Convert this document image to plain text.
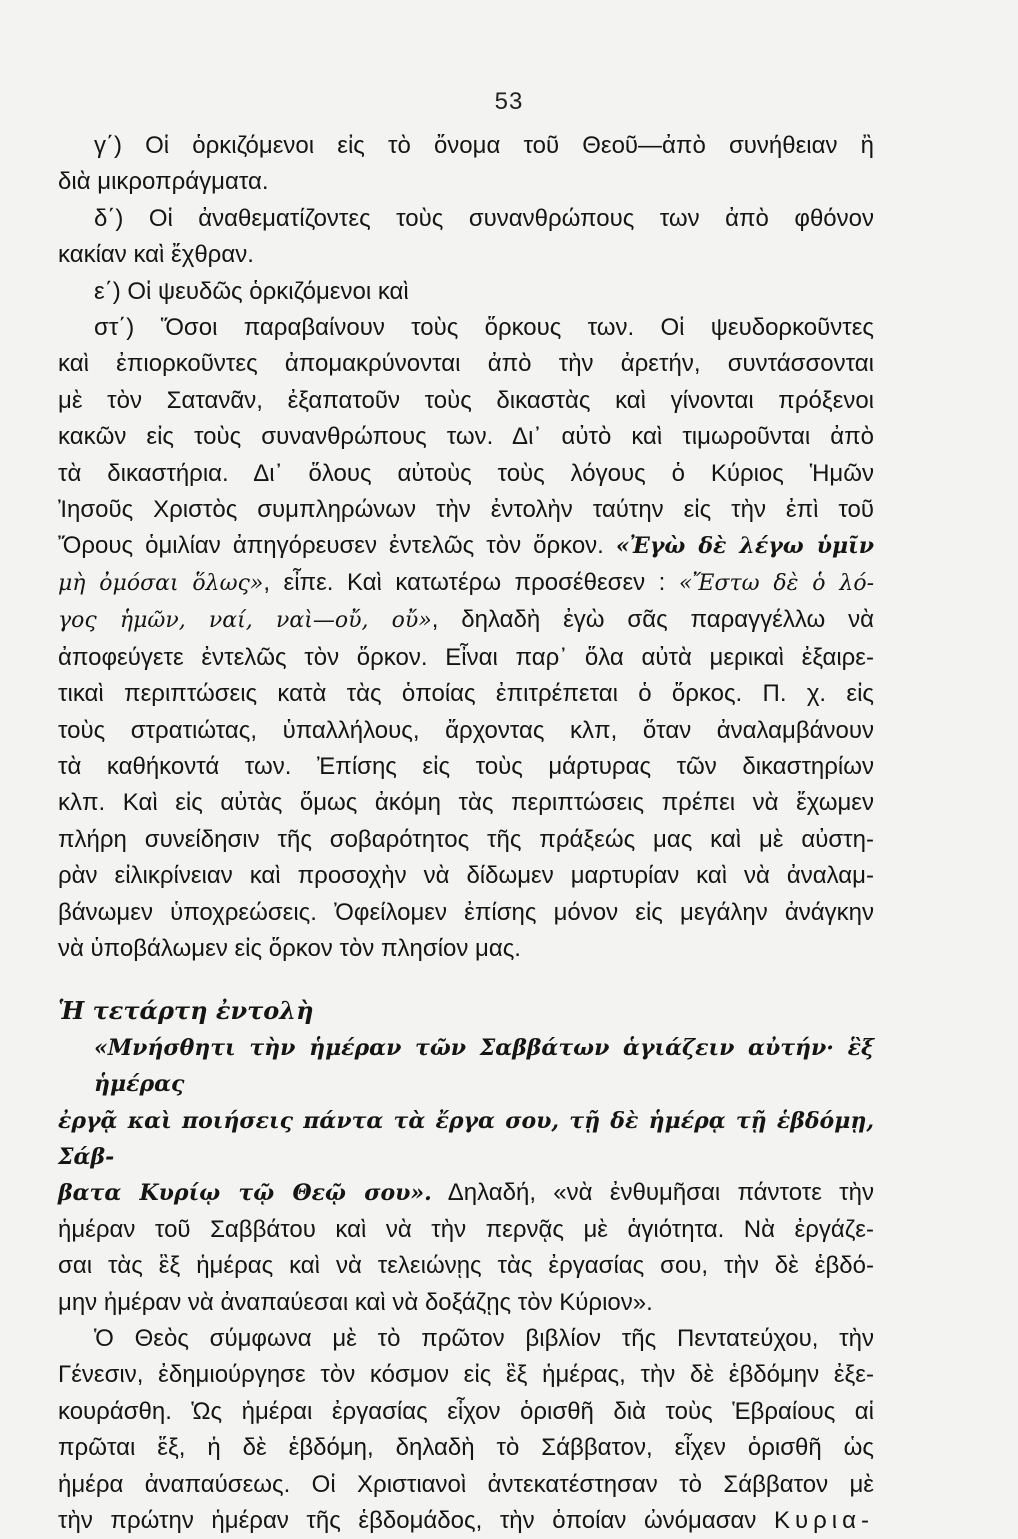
53
γ΄) Οἱ ὁρκιζόμενοι εἰς τὸ ὄνομα τοῦ Θεοῦ—ἀπὸ συνήθειαν ἢ
διὰ μικροπράγματα.
δ΄) Οἱ ἀναθεματίζοντες τοὺς συνανθρώπους των ἀπὸ φθόνον
κακίαν καὶ ἔχθραν.
ε΄) Οἱ ψευδῶς ὁρκιζόμενοι καὶ
στ΄) Ὅσοι παραβαίνουν τοὺς ὅρκους των. Οἱ ψευδορκοῦντες
καὶ ἐπιορκοῦντες ἀπομακρύνονται ἀπὸ τὴν ἀρετήν, συντάσσονται
μὲ τὸν Σατανᾶν, ἐξαπατοῦν τοὺς δικαστὰς καὶ γίνονται πρόξενοι
κακῶν εἰς τοὺς συνανθρώπους των. Δι᾽ αὐτὸ καὶ τιμωροῦνται ἀπὸ
τὰ δικαστήρια. Δι᾽ ὅλους αὐτοὺς τοὺς λόγους ὁ Κύριος Ἡμῶν
Ἰησοῦς Χριστὸς συμπληρώνων τὴν ἐντολὴν ταύτην εἰς τὴν ἐπὶ τοῦ
Ὄρους ὁμιλίαν ἀπηγόρευσεν ἐντελῶς τὸν ὅρκον. «Ἐγὼ δὲ λέγω ὑμῖν
μὴ ὀμόσαι ὅλως», εἶπε. Καὶ κατωτέρω προσέθεσεν : «Ἔστω δὲ ὁ λό-
γος ἡμῶν, ναί, ναὶ—οὔ, οὔ», δηλαδὴ ἐγὼ σᾶς παραγγέλλω νὰ
ἀποφεύγετε ἐντελῶς τὸν ὅρκον. Εἶναι παρ᾽ ὅλα αὐτὰ μερικαὶ ἐξαιρε-
τικαὶ περιπτώσεις κατὰ τὰς ὁποίας ἐπιτρέπεται ὁ ὅρκος. Π. χ. εἰς
τοὺς στρατιώτας, ὑπαλλήλους, ἄρχοντας κλπ, ὅταν ἀναλαμβάνουν
τὰ καθήκοντά των. Ἐπίσης εἰς τοὺς μάρτυρας τῶν δικαστηρίων
κλπ. Καὶ εἰς αὐτὰς ὅμως ἀκόμη τὰς περιπτώσεις πρέπει νὰ ἔχωμεν
πλήρη συνείδησιν τῆς σοβαρότητος τῆς πράξεώς μας καὶ μὲ αὐστη-
ρὰν εἰλικρίνειαν καὶ προσοχὴν νὰ δίδωμεν μαρτυρίαν καὶ νὰ ἀναλαμ-
βάνωμεν ὑποχρεώσεις. Ὀφείλομεν ἐπίσης μόνον εἰς μεγάλην ἀνάγκην
νὰ ὑποβάλωμεν εἰς ὅρκον τὸν πλησίον μας.
Ἡ τετάρτη ἐντολὴ
«Μνήσθητι τὴν ἡμέραν τῶν Σαββάτων ἁγιάζειν αὐτήν· ἓξ ἡμέρας
ἐργᾷ καὶ ποιήσεις πάντα τὰ ἔργα σου, τῇ δὲ ἡμέρᾳ τῇ ἑβδόμῃ, Σάβ-
βατα Κυρίῳ τῷ Θεῷ σου». Δηλαδή, «νὰ ἐνθυμῆσαι πάντοτε τὴν
ἡμέραν τοῦ Σαββάτου καὶ νὰ τὴν περνᾷς μὲ ἁγιότητα. Νὰ ἐργάζε-
σαι τὰς ἓξ ἡμέρας καὶ νὰ τελειώνῃς τὰς ἐργασίας σου, τὴν δὲ ἑβδό-
μην ἡμέραν νὰ ἀναπαύεσαι καὶ νὰ δοξάζῃς τὸν Κύριον».
Ὁ Θεὸς σύμφωνα μὲ τὸ πρῶτον βιβλίον τῆς Πεντατεύχου, τὴν
Γένεσιν, ἐδημιούργησε τὸν κόσμον εἰς ἓξ ἡμέρας, τὴν δὲ ἑβδόμην ἐξε-
κουράσθη. Ὡς ἡμέραι ἐργασίας εἶχον ὁρισθῆ διὰ τοὺς Ἑβραίους αἱ
πρῶται ἕξ, ἡ δὲ ἑβδόμη, δηλαδὴ τὸ Σάββατον, εἶχεν ὁρισθῆ ὡς
ἡμέρα ἀναπαύσεως. Οἱ Χριστιανοὶ ἀντεκατέστησαν τὸ Σάββατον μὲ
τὴν πρώτην ἡμέραν τῆς ἑβδομάδος, τὴν ὁποίαν ὠνόμασαν Κυρια-
